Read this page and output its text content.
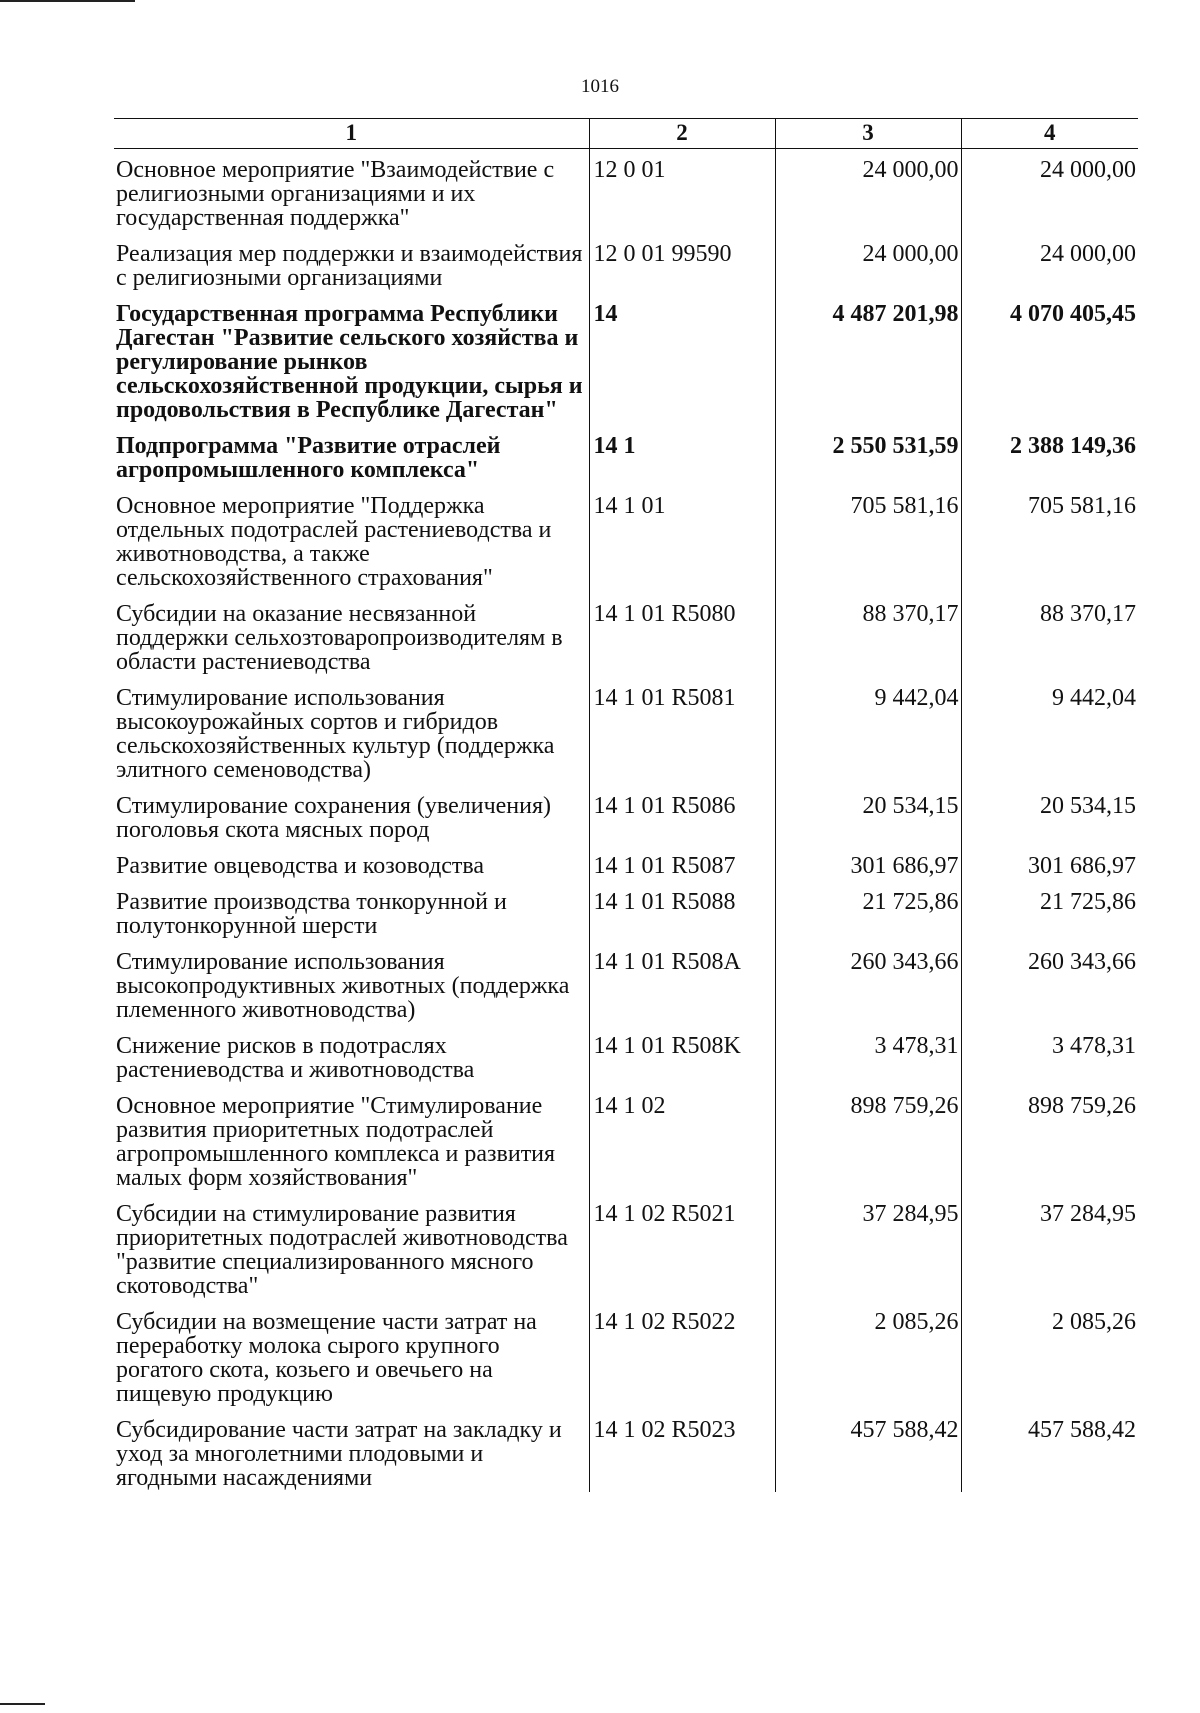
1016
1	2	3	4
Основное мероприятие "Взаимодействие с религиозными организациями и их государственная поддержка"	12 0 01	24 000,00	24 000,00
Реализация мер поддержки и взаимодействия с религиозными организациями	12 0 01 99590	24 000,00	24 000,00
Государственная программа Республики Дагестан "Развитие сельского хозяйства и регулирование рынков сельскохозяйственной продукции, сырья и продовольствия в Республике Дагестан"	14	4 487 201,98	4 070 405,45
Подпрограмма "Развитие отраслей агропромышленного комплекса"	14 1	2 550 531,59	2 388 149,36
Основное мероприятие "Поддержка отдельных подотраслей растениеводства и животноводства, а также сельскохозяйственного страхования"	14 1 01	705 581,16	705 581,16
Субсидии на оказание несвязанной поддержки сельхозтоваропроизводителям в области растениеводства	14 1 01 R5080	88 370,17	88 370,17
Стимулирование использования высокоурожайных сортов и гибридов сельскохозяйственных культур (поддержка элитного семеноводства)	14 1 01 R5081	9 442,04	9 442,04
Стимулирование сохранения (увеличения) поголовья скота мясных пород	14 1 01 R5086	20 534,15	20 534,15
Развитие овцеводства и козоводства	14 1 01 R5087	301 686,97	301 686,97
Развитие производства тонкорунной и полутонкорунной шерсти	14 1 01 R5088	21 725,86	21 725,86
Стимулирование использования высокопродуктивных животных (поддержка племенного животноводства)	14 1 01 R508A	260 343,66	260 343,66
Снижение рисков в подотраслях растениеводства и животноводства	14 1 01 R508K	3 478,31	3 478,31
Основное мероприятие "Стимулирование развития приоритетных подотраслей агропромышленного комплекса и развития малых форм хозяйствования"	14 1 02	898 759,26	898 759,26
Субсидии на стимулирование развития приоритетных подотраслей животноводства "развитие специализированного мясного скотоводства"	14 1 02 R5021	37 284,95	37 284,95
Субсидии на возмещение части затрат на переработку молока сырого крупного рогатого скота, козьего и овечьего на пищевую продукцию	14 1 02 R5022	2 085,26	2 085,26
Субсидирование части затрат на закладку и уход за многолетними плодовыми и ягодными насаждениями	14 1 02 R5023	457 588,42	457 588,42
